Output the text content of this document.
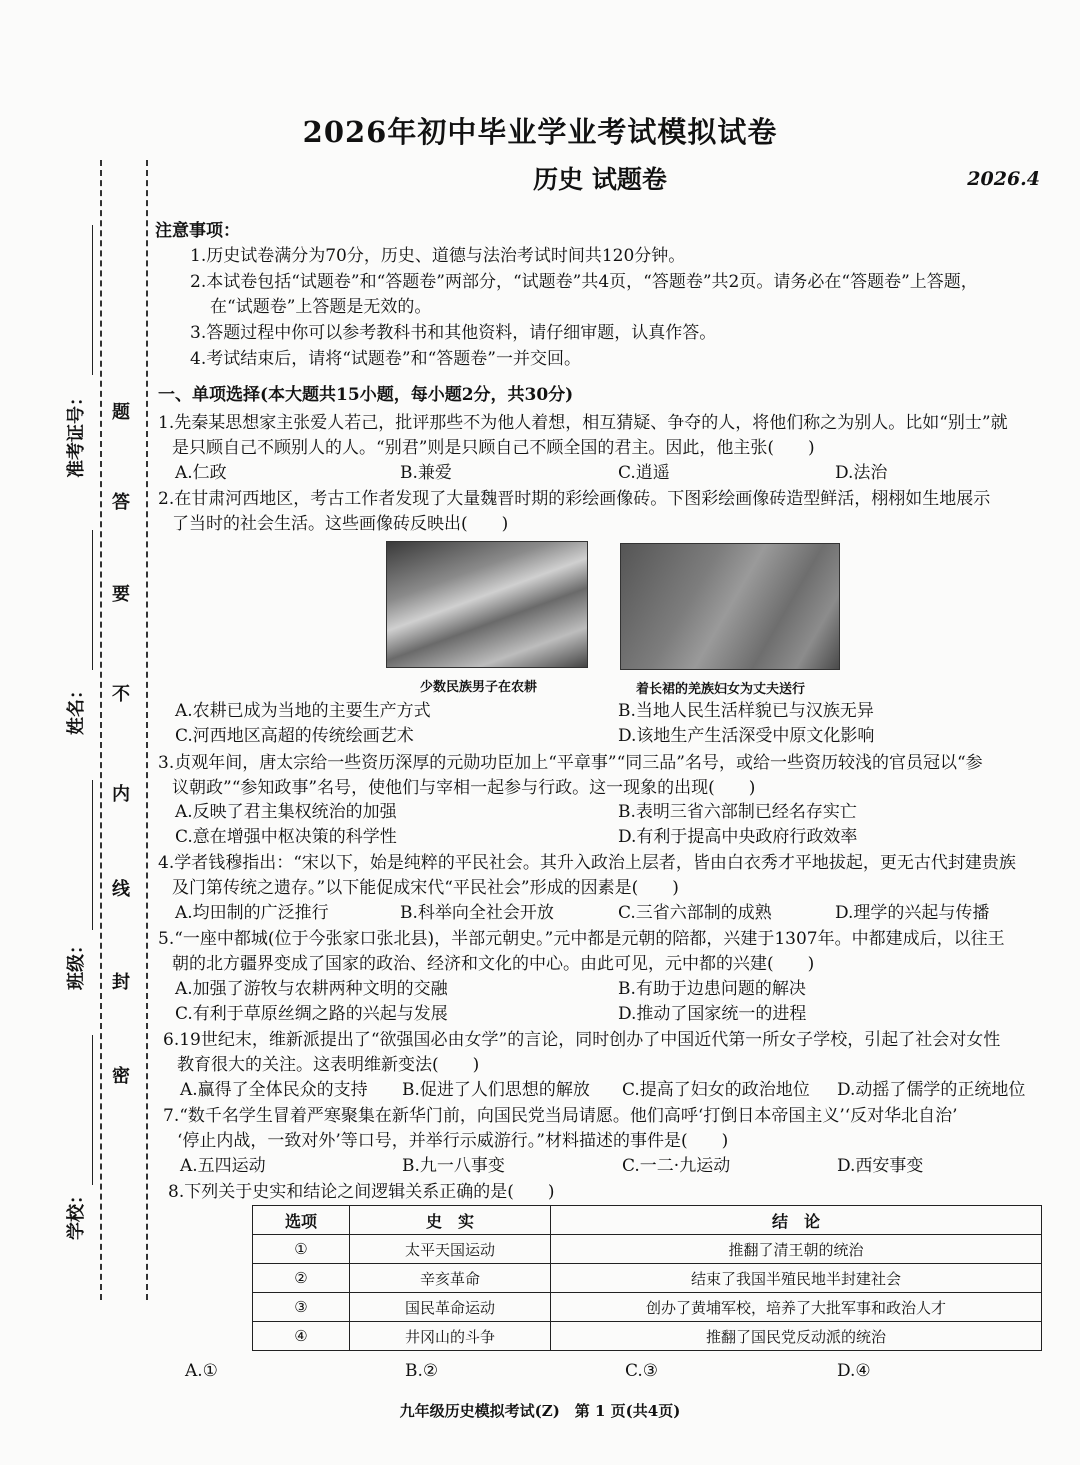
题
答
要
不
内
线
封
密
准考证号：
姓名：
班级：
学校：
2026年初中毕业学业考试模拟试卷
历史 试题卷	2026.4
注意事项：
1.历史试卷满分为70分，历史、道德与法治考试时间共120分钟。
2.本试卷包括“试题卷”和“答题卷”两部分，“试题卷”共4页，“答题卷”共2页。请务必在“答题卷”上答题，
在“试题卷”上答题是无效的。
3.答题过程中你可以参考教科书和其他资料，请仔细审题，认真作答。
4.考试结束后，请将“试题卷”和“答题卷”一并交回。
一、单项选择(本大题共15小题，每小题2分，共30分)
1.先秦某思想家主张爱人若己，批评那些不为他人着想，相互猜疑、争夺的人，将他们称之为别人。比如“别士”就
是只顾自己不顾别人的人。“别君”则是只顾自己不顾全国的君主。因此，他主张(　　)
A.仁政	B.兼爱	C.逍遥	D.法治
2.在甘肃河西地区，考古工作者发现了大量魏晋时期的彩绘画像砖。下图彩绘画像砖造型鲜活，栩栩如生地展示
了当时的社会生活。这些画像砖反映出(　　)
少数民族男子在农耕	着长裙的羌族妇女为丈夫送行
A.农耕已成为当地的主要生产方式	B.当地人民生活样貌已与汉族无异
C.河西地区高超的传统绘画艺术	D.该地生产生活深受中原文化影响
3.贞观年间，唐太宗给一些资历深厚的元勋功臣加上“平章事”“同三品”名号，或给一些资历较浅的官员冠以“参
议朝政”“参知政事”名号，使他们与宰相一起参与行政。这一现象的出现(　　)
A.反映了君主集权统治的加强	B.表明三省六部制已经名存实亡
C.意在增强中枢决策的科学性	D.有利于提高中央政府行政效率
4.学者钱穆指出：“宋以下，始是纯粹的平民社会。其升入政治上层者，皆由白衣秀才平地拔起，更无古代封建贵族
及门第传统之遗存。”以下能促成宋代“平民社会”形成的因素是(　　)
A.均田制的广泛推行	B.科举向全社会开放	C.三省六部制的成熟	D.理学的兴起与传播
5.“一座中都城(位于今张家口张北县)，半部元朝史。”元中都是元朝的陪都，兴建于1307年。中都建成后，以往王
朝的北方疆界变成了国家的政治、经济和文化的中心。由此可见，元中都的兴建(　　)
A.加强了游牧与农耕两种文明的交融	B.有助于边患问题的解决
C.有利于草原丝绸之路的兴起与发展	D.推动了国家统一的进程
6.19世纪末，维新派提出了“欲强国必由女学”的言论，同时创办了中国近代第一所女子学校，引起了社会对女性
教育很大的关注。这表明维新变法(　　)
A.赢得了全体民众的支持 B.促进了人们思想的解放 C.提高了妇女的政治地位 D.动摇了儒学的正统地位
7.“数千名学生冒着严寒聚集在新华门前，向国民党当局请愿。他们高呼‘打倒日本帝国主义’‘反对华北自治’
‘停止内战，一致对外’等口号，并举行示威游行。”材料描述的事件是(　　)
A.五四运动	B.九一八事变	C.一二·九运动	D.西安事变
8.下列关于史实和结论之间逻辑关系正确的是(　　)
选项	史　实	结　论
①	太平天国运动	推翻了清王朝的统治
②	辛亥革命	结束了我国半殖民地半封建社会
③	国民革命运动	创办了黄埔军校，培养了大批军事和政治人才
④	井冈山的斗争	推翻了国民党反动派的统治
A.①	B.②	C.③	D.④
九年级历史模拟考试(Z)　第 1 页(共4页)
